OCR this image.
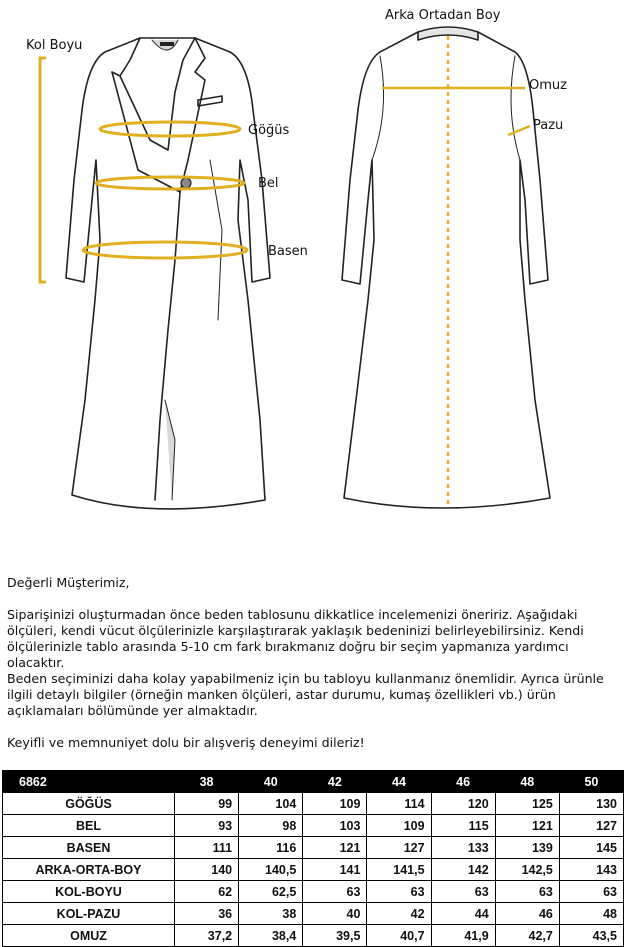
Kol Boyu
Göğüs
Bel
Basen
Arka Ortadan Boy
Omuz
Pazu

Değerli Müşterimiz,

Siparişinizi oluşturmadan önce beden tablosunu dikkatlice incelemenizi öneririz. Aşağıdaki ölçüleri, kendi vücut ölçülerinizle karşılaştırarak yaklaşık bedeninizi belirleyebilirsiniz. Kendi ölçülerinizle tablo arasında 5-10 cm fark bırakmanız doğru bir seçim yapmanıza yardımcı olacaktır.

Beden seçiminizi daha kolay yapabilmeniz için bu tabloyu kullanmanız önemlidir. Ayrıca ürünle ilgili detaylı bilgiler (örneğin manken ölçüleri, astar durumu, kumaş özellikleri vb.) ürün açıklamaları bölümünde yer almaktadır.

Keyifli ve memnuniyet dolu bir alışveriş deneyimi dileriz!

6862	38	40	42	44	46	48	50
GÖĞÜS	99	104	109	114	120	125	130
BEL	93	98	103	109	115	121	127
BASEN	111	116	121	127	133	139	145
ARKA-ORTA-BOY	140	140,5	141	141,5	142	142,5	143
KOL-BOYU	62	62,5	63	63	63	63	63
KOL-PAZU	36	38	40	42	44	46	48
OMUZ	37,2	38,4	39,5	40,7	41,9	42,7	43,5
